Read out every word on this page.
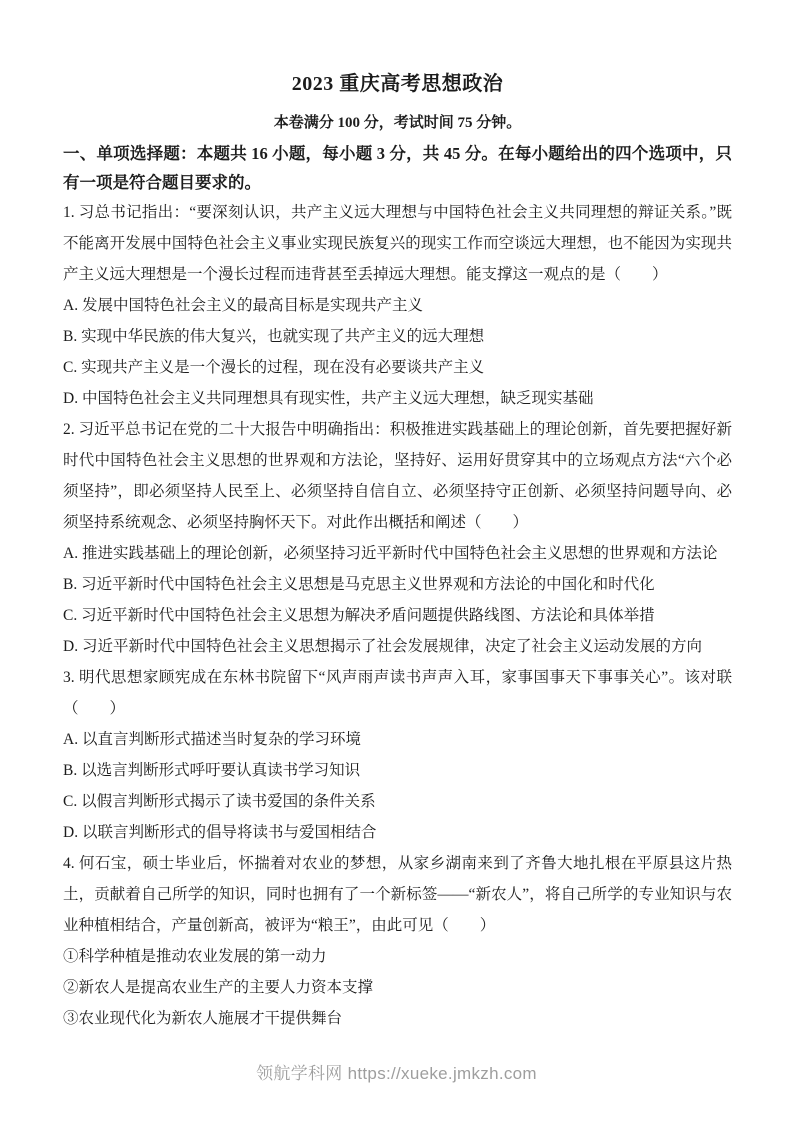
2023 重庆高考思想政治
本卷满分 100 分，考试时间 75 分钟。
一、单项选择题：本题共 16 小题，每小题 3 分，共 45 分。在每小题给出的四个选项中，只有一项是符合题目要求的。
1. 习总书记指出：“要深刻认识，共产主义远大理想与中国特色社会主义共同理想的辩证关系。”既不能离开发展中国特色社会主义事业实现民族复兴的现实工作而空谈远大理想，也不能因为实现共产主义远大理想是一个漫长过程而违背甚至丢掉远大理想。能支撑这一观点的是（　　）
A. 发展中国特色社会主义的最高目标是实现共产主义
B. 实现中华民族的伟大复兴，也就实现了共产主义的远大理想
C. 实现共产主义是一个漫长的过程，现在没有必要谈共产主义
D. 中国特色社会主义共同理想具有现实性，共产主义远大理想，缺乏现实基础
2. 习近平总书记在党的二十大报告中明确指出：积极推进实践基础上的理论创新，首先要把握好新时代中国特色社会主义思想的世界观和方法论，坚持好、运用好贯穿其中的立场观点方法“六个必须坚持”，即必须坚持人民至上、必须坚持自信自立、必须坚持守正创新、必须坚持问题导向、必须坚持系统观念、必须坚持胸怀天下。对此作出概括和阐述（　　）
A. 推进实践基础上的理论创新，必须坚持习近平新时代中国特色社会主义思想的世界观和方法论
B. 习近平新时代中国特色社会主义思想是马克思主义世界观和方法论的中国化和时代化
C. 习近平新时代中国特色社会主义思想为解决矛盾问题提供路线图、方法论和具体举措
D. 习近平新时代中国特色社会主义思想揭示了社会发展规律，决定了社会主义运动发展的方向
3. 明代思想家顾宪成在东林书院留下“风声雨声读书声声入耳，家事国事天下事事关心”。该对联（　　）
A. 以直言判断形式描述当时复杂的学习环境
B. 以选言判断形式呼吁要认真读书学习知识
C. 以假言判断形式揭示了读书爱国的条件关系
D. 以联言判断形式的倡导将读书与爱国相结合
4. 何石宝，硕士毕业后，怀揣着对农业的梦想，从家乡湖南来到了齐鲁大地扎根在平原县这片热土，贡献着自己所学的知识，同时也拥有了一个新标签——“新农人”，将自己所学的专业知识与农业种植相结合，产量创新高，被评为“粮王”，由此可见（　　）
①科学种植是推动农业发展的第一动力
②新农人是提高农业生产的主要人力资本支撑
③农业现代化为新农人施展才干提供舞台
领航学科网 https://xueke.jmkzh.com
